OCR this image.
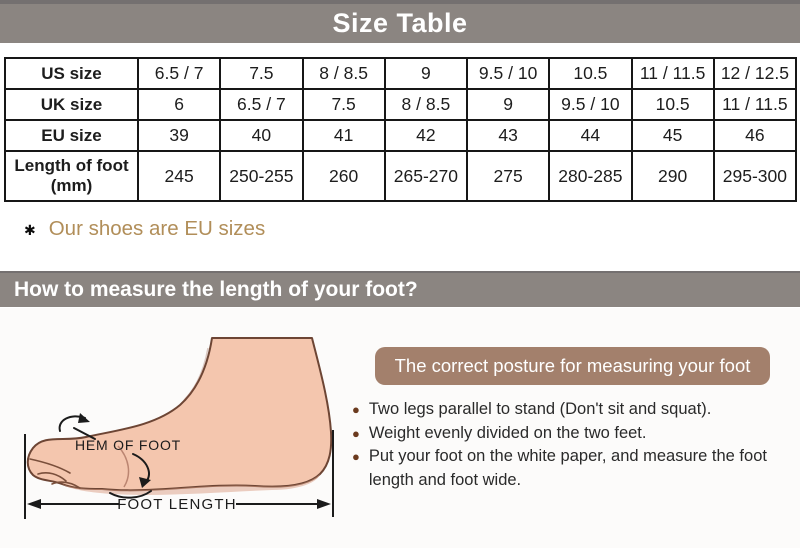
Size Table
US size	6.5 / 7	7.5	8 / 8.5	9	9.5 / 10	10.5	11 / 11.5	12 / 12.5
UK size	6	6.5 / 7	7.5	8 / 8.5	9	9.5 / 10	10.5	11 / 11.5
EU size	39	40	41	42	43	44	45	46
Length of foot (mm)	245	250-255	260	265-270	275	280-285	290	295-300
✱ Our shoes are EU sizes
How to measure the length of your foot?
HEM OF FOOT
FOOT LENGTH
The correct posture for measuring your foot
● Two legs parallel to stand (Don't sit and squat).
● Weight evenly divided on the two feet.
● Put your foot on the white paper, and measure the foot length and foot wide.
